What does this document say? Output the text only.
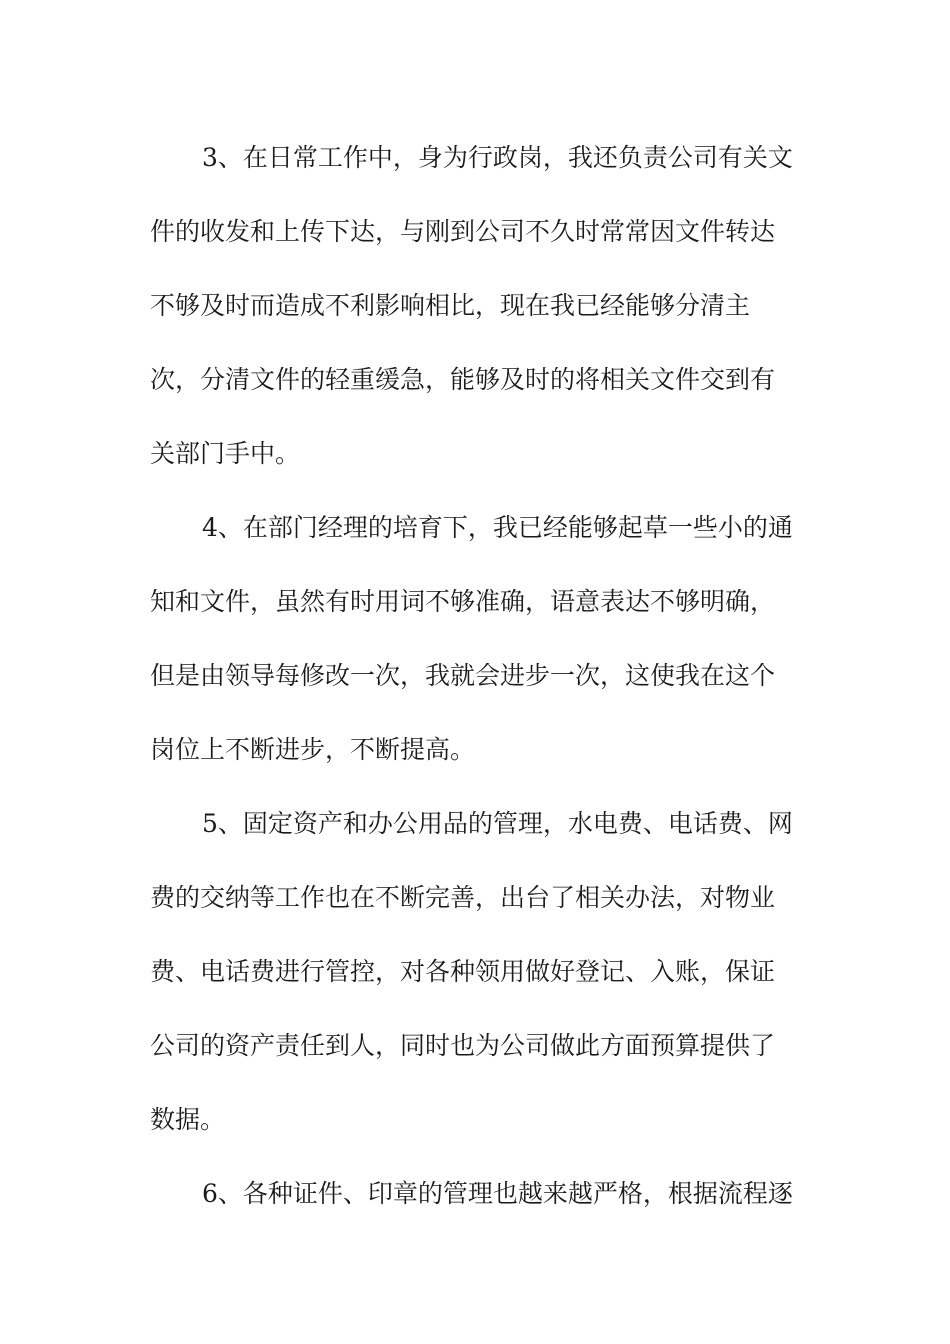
3、在日常工作中，身为行政岗，我还负责公司有关文
件的收发和上传下达，与刚到公司不久时常常因文件转达
不够及时而造成不利影响相比，现在我已经能够分清主
次，分清文件的轻重缓急，能够及时的将相关文件交到有
关部门手中。
4、在部门经理的培育下，我已经能够起草一些小的通
知和文件，虽然有时用词不够准确，语意表达不够明确，
但是由领导每修改一次，我就会进步一次，这使我在这个
岗位上不断进步，不断提高。
5、固定资产和办公用品的管理，水电费、电话费、网
费的交纳等工作也在不断完善，出台了相关办法，对物业
费、电话费进行管控，对各种领用做好登记、入账，保证
公司的资产责任到人，同时也为公司做此方面预算提供了
数据。
6、各种证件、印章的管理也越来越严格，根据流程逐
